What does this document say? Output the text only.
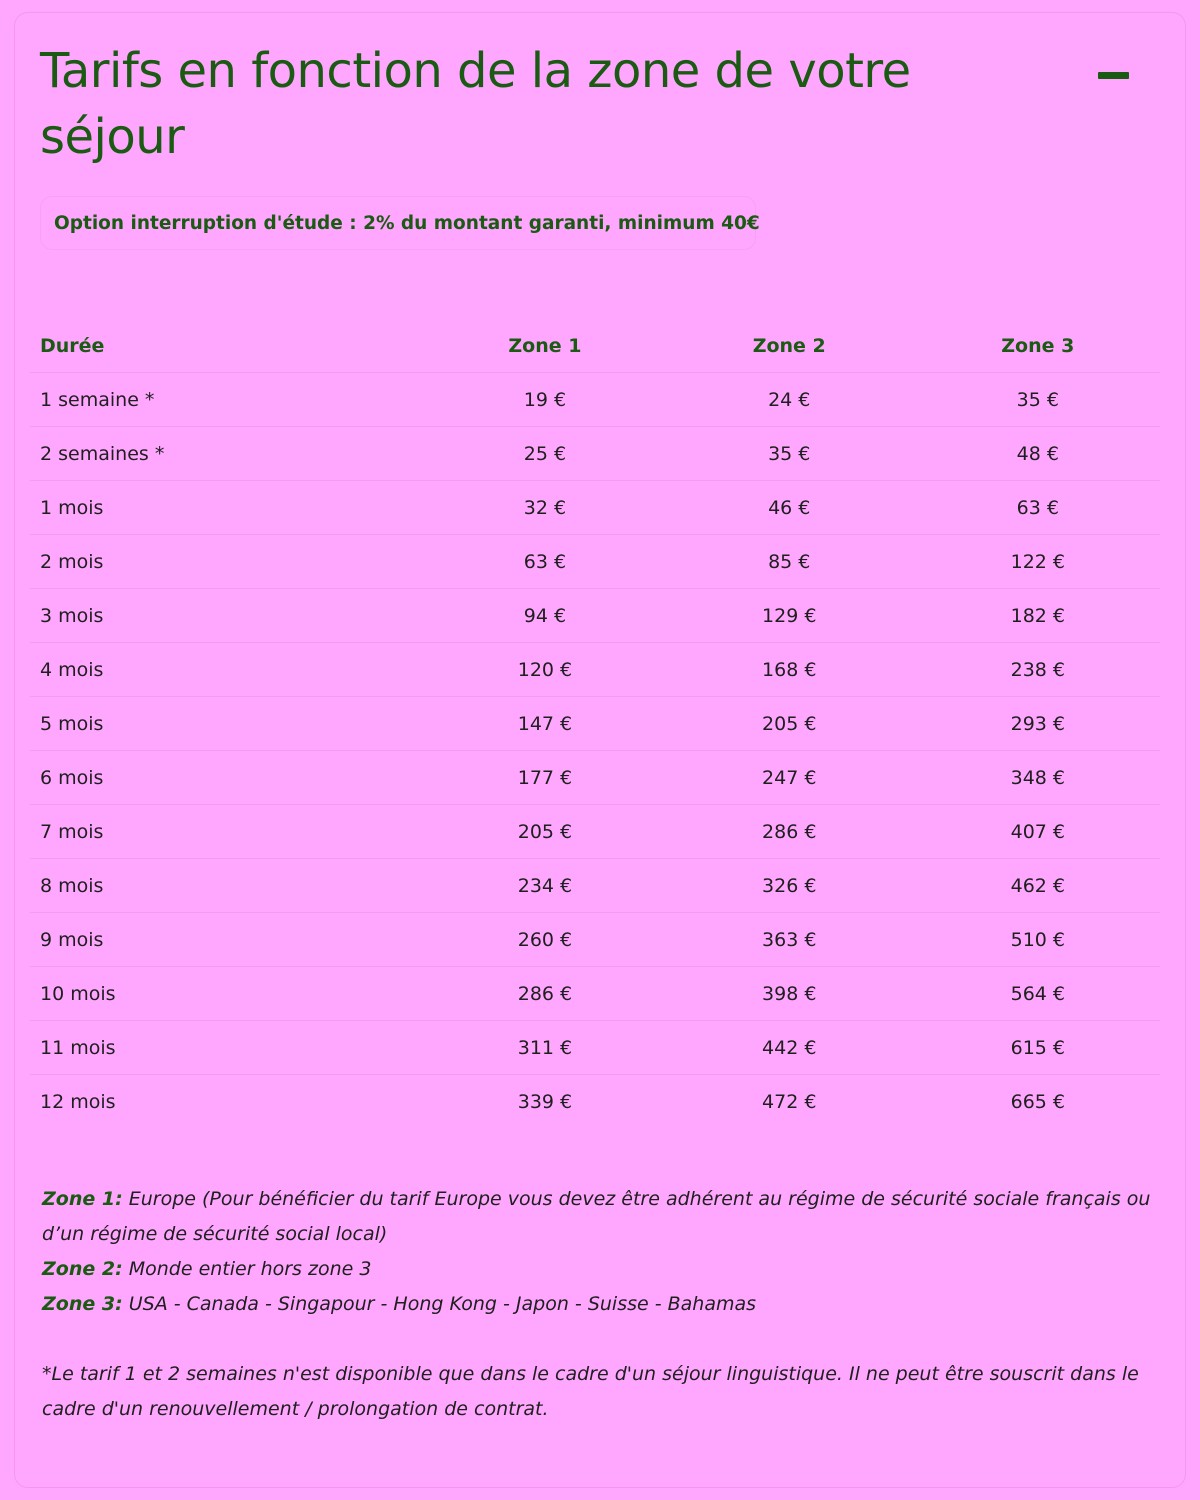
Tarifs en fonction de la zone de votre séjour
Option interruption d'étude : 2% du montant garanti, minimum 40€
Durée	Zone 1	Zone 2	Zone 3
1 semaine *	19 €	24 €	35 €
2 semaines *	25 €	35 €	48 €
1 mois	32 €	46 €	63 €
2 mois	63 €	85 €	122 €
3 mois	94 €	129 €	182 €
4 mois	120 €	168 €	238 €
5 mois	147 €	205 €	293 €
6 mois	177 €	247 €	348 €
7 mois	205 €	286 €	407 €
8 mois	234 €	326 €	462 €
9 mois	260 €	363 €	510 €
10 mois	286 €	398 €	564 €
11 mois	311 €	442 €	615 €
12 mois	339 €	472 €	665 €

Zone 1: Europe (Pour bénéficier du tarif Europe vous devez être adhérent au régime de sécurité sociale français ou d’un régime de sécurité social local)

Zone 2: Monde entier hors zone 3

Zone 3: USA - Canada - Singapour - Hong Kong - Japon - Suisse - Bahamas

*Le tarif 1 et 2 semaines n'est disponible que dans le cadre d'un séjour linguistique. Il ne peut être souscrit dans le cadre d'un renouvellement / prolongation de contrat.
